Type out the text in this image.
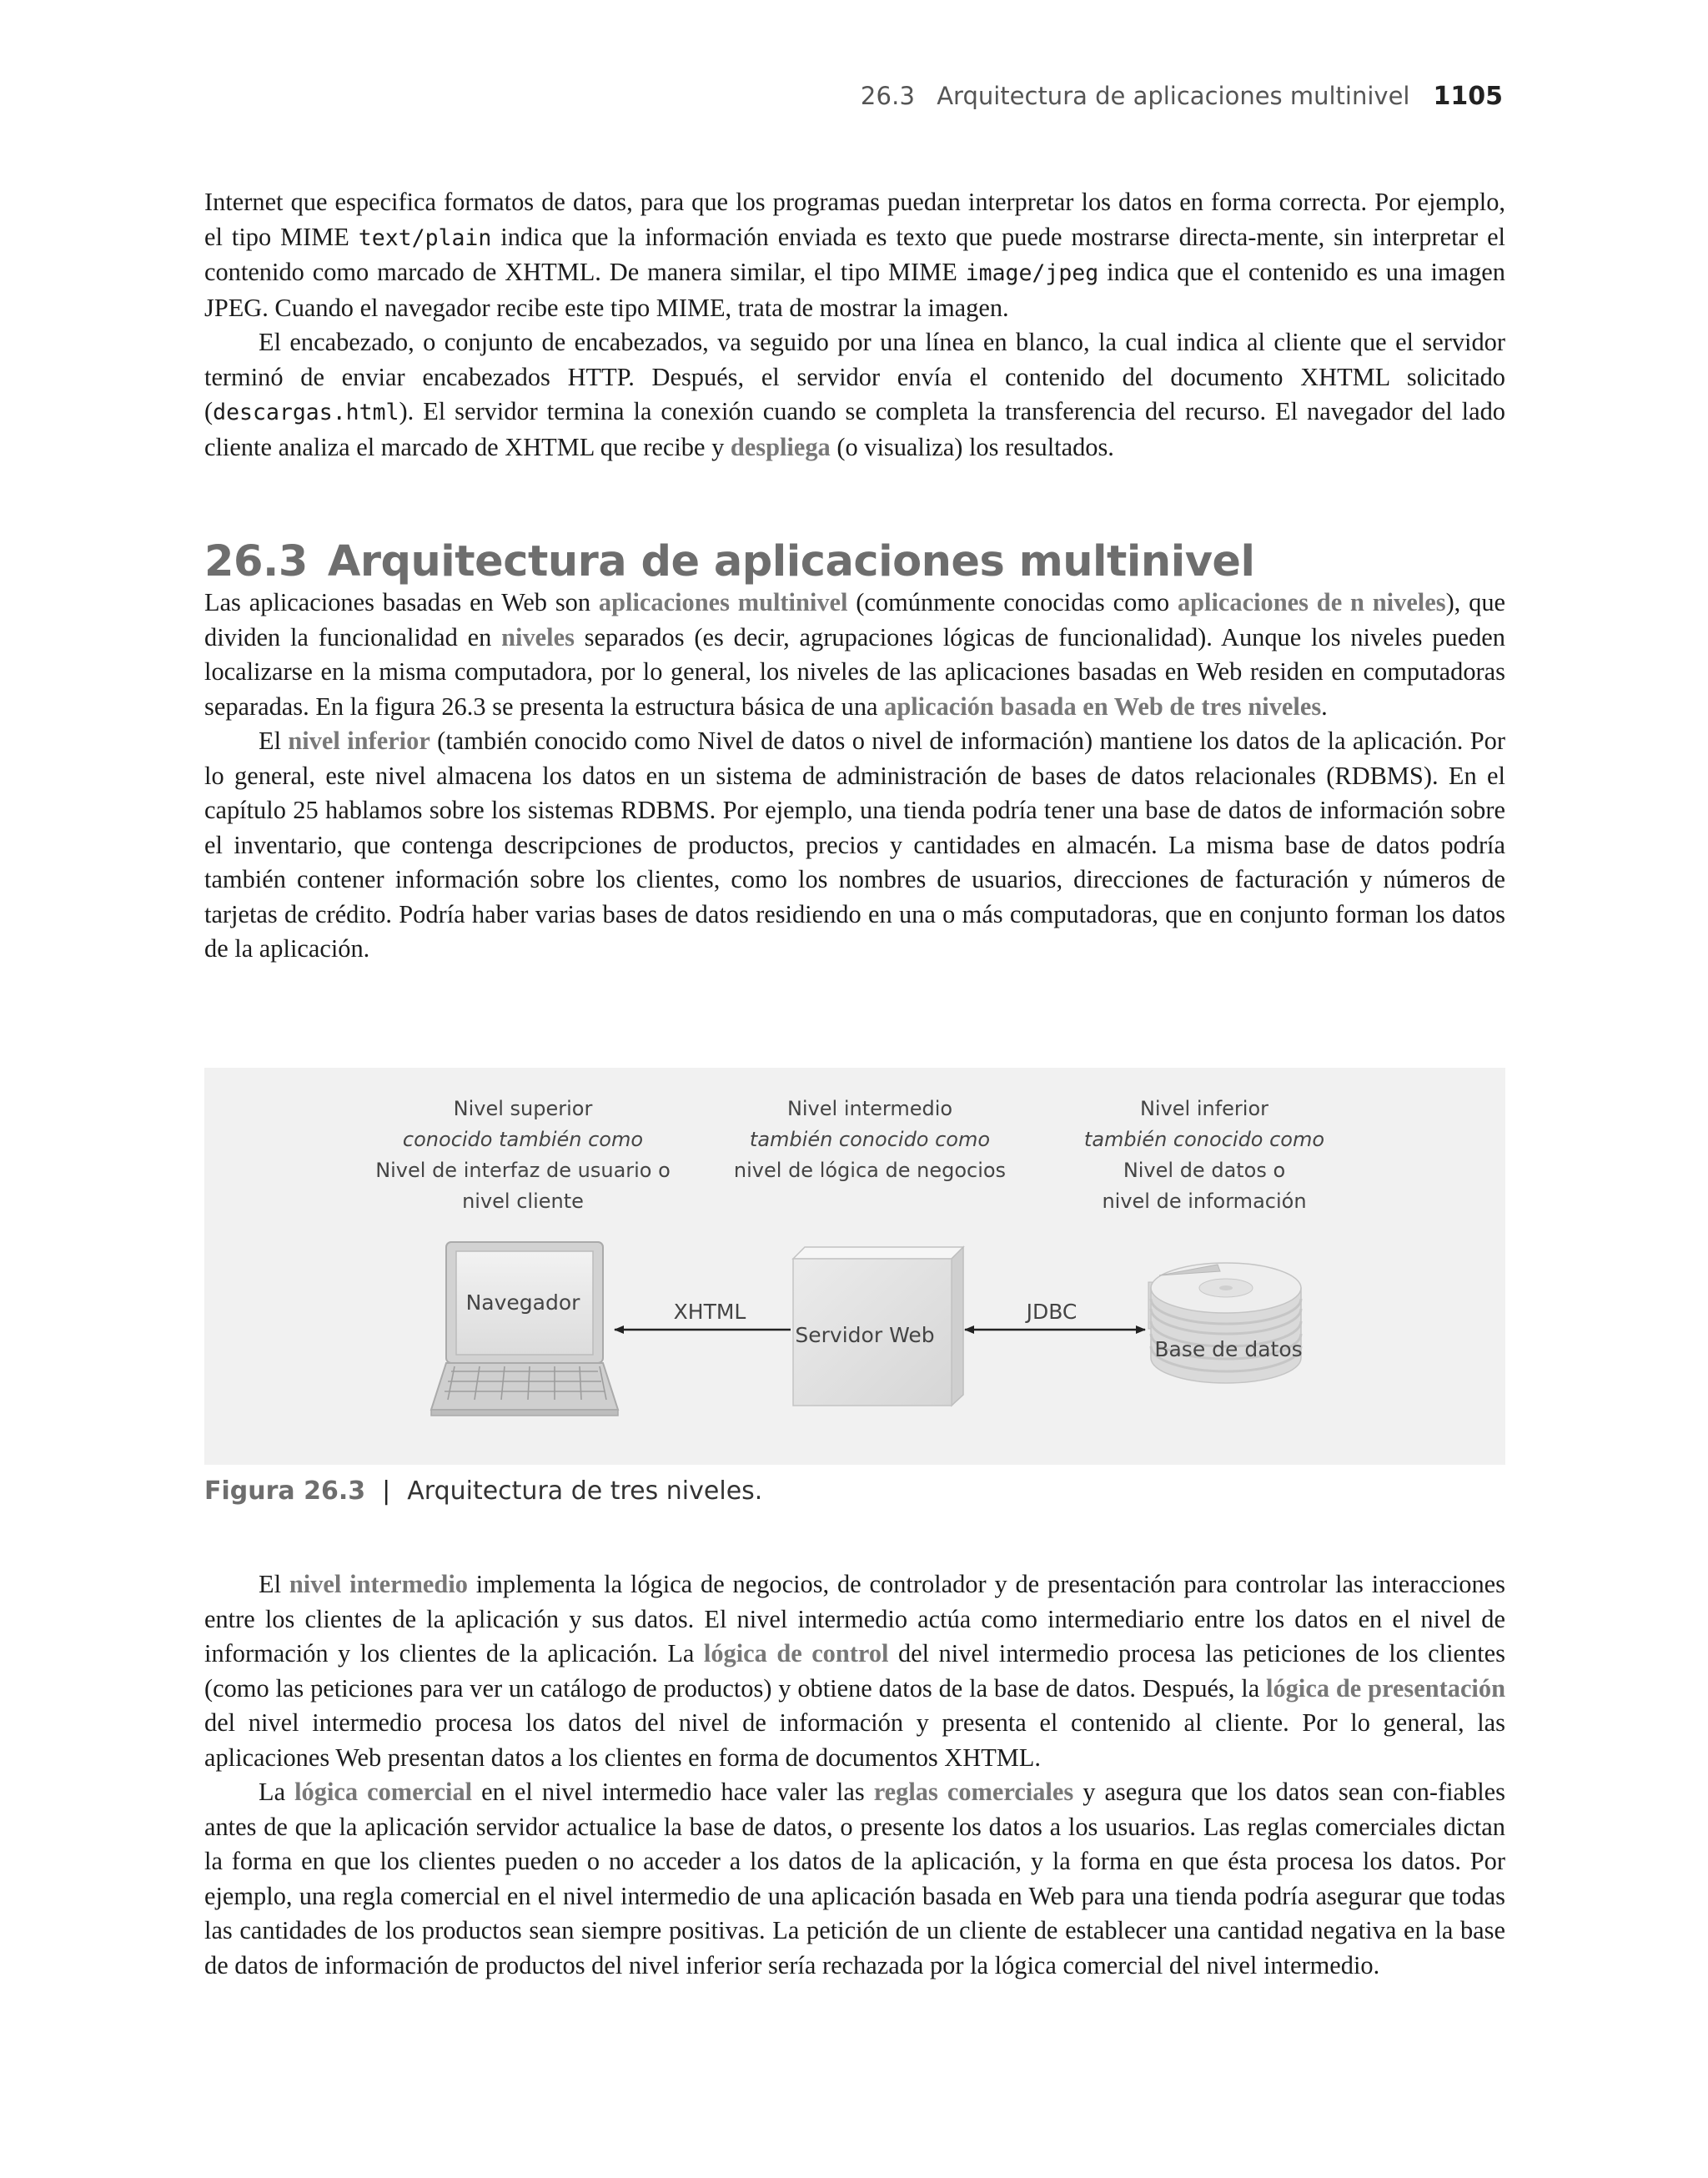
26.3 Arquitectura de aplicaciones multinivel 1105

Internet que especifica formatos de datos, para que los programas puedan interpretar los datos en forma correcta. Por ejemplo, el tipo MIME text/plain indica que la información enviada es texto que puede mostrarse directa-mente, sin interpretar el contenido como marcado de XHTML. De manera similar, el tipo MIME image/jpeg indica que el contenido es una imagen JPEG. Cuando el navegador recibe este tipo MIME, trata de mostrar la imagen.

El encabezado, o conjunto de encabezados, va seguido por una línea en blanco, la cual indica al cliente que el servidor terminó de enviar encabezados HTTP. Después, el servidor envía el contenido del documento XHTML solicitado (descargas.html). El servidor termina la conexión cuando se completa la transferencia del recurso. El navegador del lado cliente analiza el marcado de XHTML que recibe y despliega (o visualiza) los resultados.

26.3 Arquitectura de aplicaciones multinivel

Las aplicaciones basadas en Web son aplicaciones multinivel (comúnmente conocidas como aplicaciones de n niveles), que dividen la funcionalidad en niveles separados (es decir, agrupaciones lógicas de funcionalidad). Aunque los niveles pueden localizarse en la misma computadora, por lo general, los niveles de las aplicaciones basadas en Web residen en computadoras separadas. En la figura 26.3 se presenta la estructura básica de una aplicación basada en Web de tres niveles.

El nivel inferior (también conocido como Nivel de datos o nivel de información) mantiene los datos de la aplicación. Por lo general, este nivel almacena los datos en un sistema de administración de bases de datos relacionales (RDBMS). En el capítulo 25 hablamos sobre los sistemas RDBMS. Por ejemplo, una tienda podría tener una base de datos de información sobre el inventario, que contenga descripciones de productos, precios y cantidades en almacén. La misma base de datos podría también contener información sobre los clientes, como los nombres de usuarios, direcciones de facturación y números de tarjetas de crédito. Podría haber varias bases de datos residiendo en una o más computadoras, que en conjunto forman los datos de la aplicación.

Nivel superior
conocido también como
Nivel de interfaz de usuario o
nivel cliente
Nivel intermedio
también conocido como
nivel de lógica de negocios
Nivel inferior
también conocido como
Nivel de datos o
nivel de información
Navegador
Servidor Web
Base de datos
XHTML	JDBC
Figura 26.3 | Arquitectura de tres niveles.

El nivel intermedio implementa la lógica de negocios, de controlador y de presentación para controlar las interacciones entre los clientes de la aplicación y sus datos. El nivel intermedio actúa como intermediario entre los datos en el nivel de información y los clientes de la aplicación. La lógica de control del nivel intermedio procesa las peticiones de los clientes (como las peticiones para ver un catálogo de productos) y obtiene datos de la base de datos. Después, la lógica de presentación del nivel intermedio procesa los datos del nivel de información y presenta el contenido al cliente. Por lo general, las aplicaciones Web presentan datos a los clientes en forma de documentos XHTML.

La lógica comercial en el nivel intermedio hace valer las reglas comerciales y asegura que los datos sean con-fiables antes de que la aplicación servidor actualice la base de datos, o presente los datos a los usuarios. Las reglas comerciales dictan la forma en que los clientes pueden o no acceder a los datos de la aplicación, y la forma en que ésta procesa los datos. Por ejemplo, una regla comercial en el nivel intermedio de una aplicación basada en Web para una tienda podría asegurar que todas las cantidades de los productos sean siempre positivas. La petición de un cliente de establecer una cantidad negativa en la base de datos de información de productos del nivel inferior sería rechazada por la lógica comercial del nivel intermedio.
